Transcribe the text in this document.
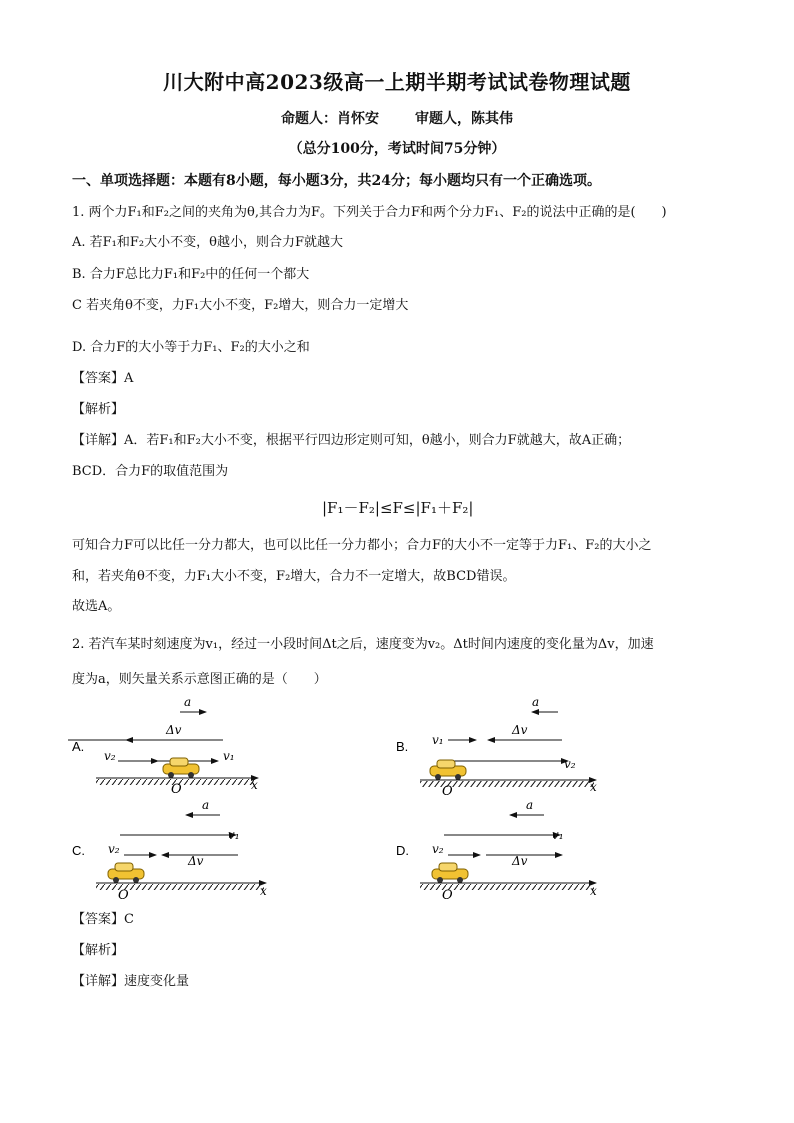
川大附中高2023级高一上期半期考试试卷物理试题
命题人：肖怀安	审题人，陈其伟
（总分100分，考试时间75分钟）
一、单项选择题：本题有8小题，每小题3分，共24分；每小题均只有一个正确选项。
1. 两个力F₁和F₂之间的夹角为θ,其合力为F。下列关于合力F和两个分力F₁、F₂的说法中正确的是(　　)
A. 若F₁和F₂大小不变，θ越小，则合力F就越大
B. 合力F总比力F₁和F₂中的任何一个都大
C 若夹角θ不变，力F₁大小不变，F₂增大，则合力一定增大
D. 合力F的大小等于力F₁、F₂的大小之和
【答案】A
【解析】
【详解】A．若F₁和F₂大小不变，根据平行四边形定则可知，θ越小，则合力F就越大，故A正确；
BCD．合力F的取值范围为
|F₁－F₂|≤F≤|F₁＋F₂|
可知合力F可以比任一分力都大，也可以比任一分力都小；合力F的大小不一定等于力F₁、F₂的大小之
和，若夹角θ不变，力F₁大小不变，F₂增大，合力不一定增大，故BCD错误。
故选A。
2. 若汽车某时刻速度为v₁，经过一小段时间Δt之后，速度变为v₂。Δt时间内速度的变化量为Δv，加速
度为a，则矢量关系示意图正确的是（　　）
A.
a
Δv
v₂	v₁
O	x
B.
a
v₁
Δv
v₂
O	x
C.
a
v₁
v₂
Δv
O	x
D.
a
v₁
v₂
Δv
O	x
【答案】C
【解析】
【详解】速度变化量
